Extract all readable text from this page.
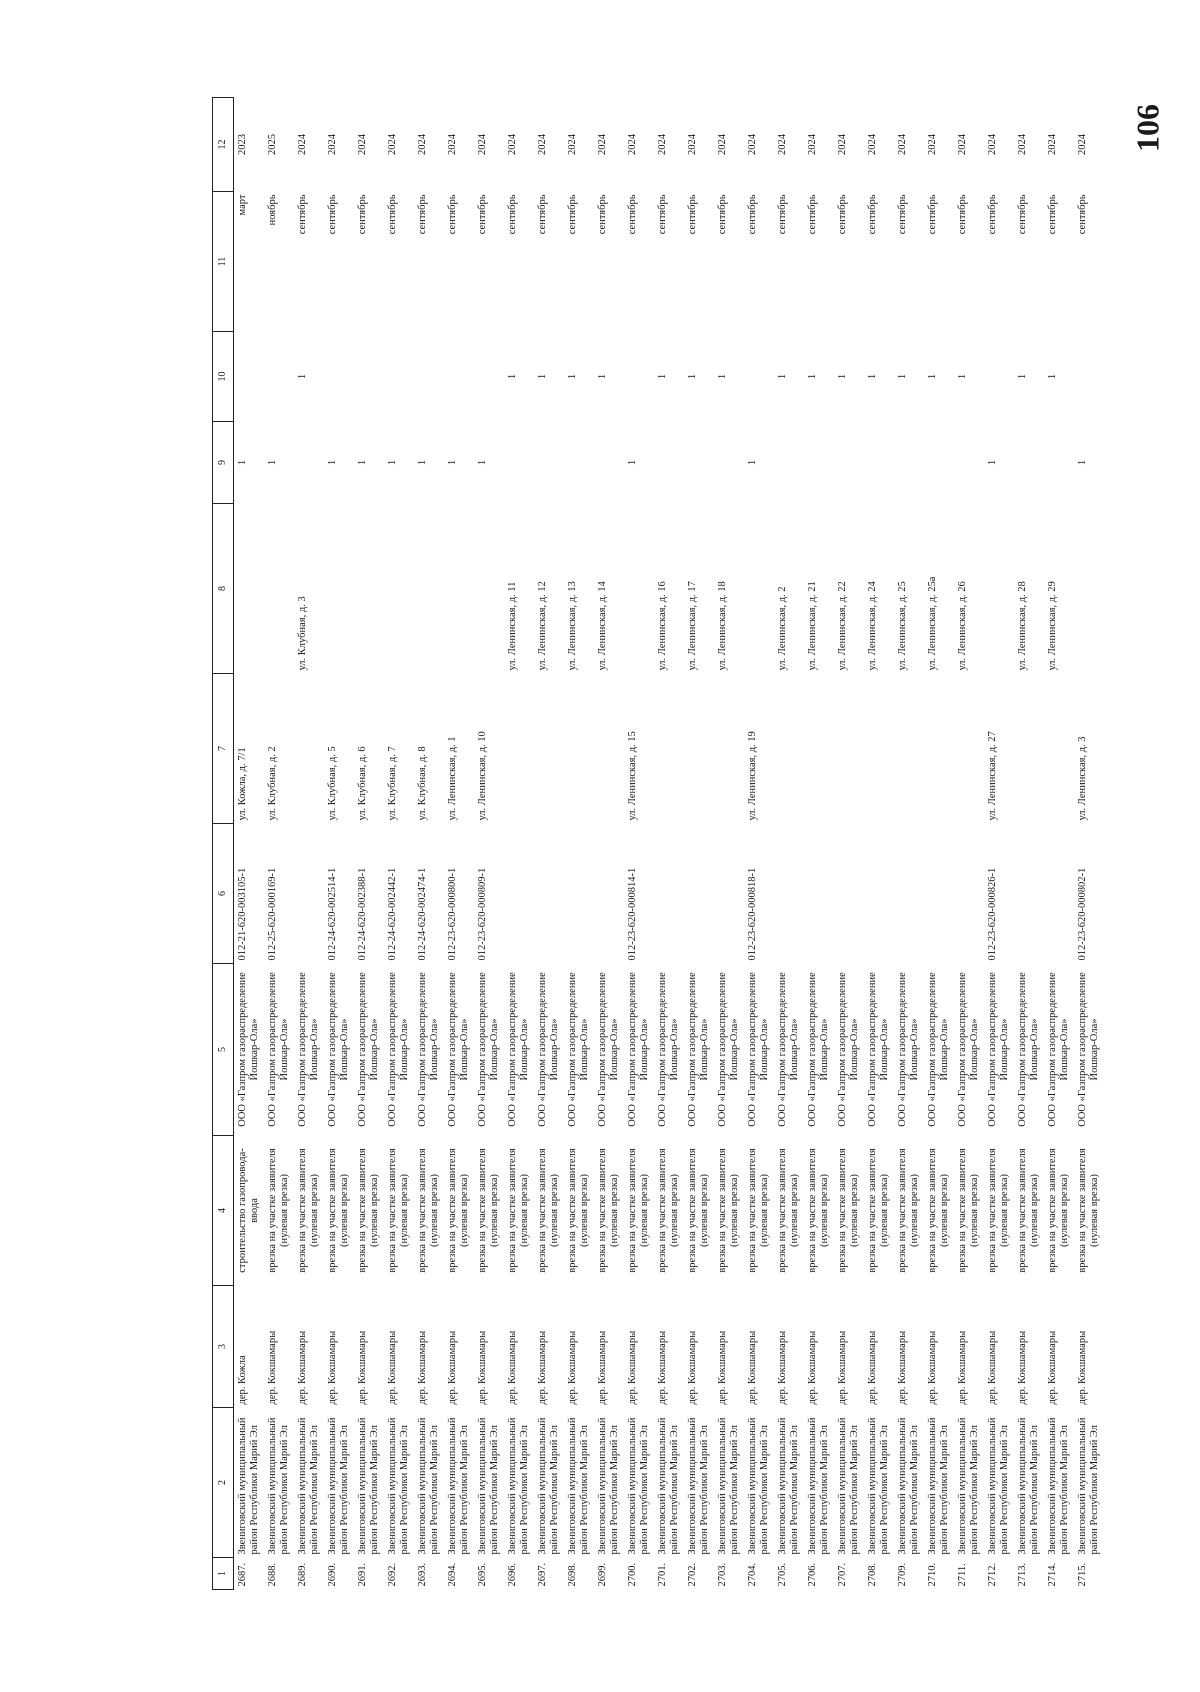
106
1	2	3	4	5	6	7	8	9	10	11	12
2687.	Звениговский муниципальный район Республики Марий Эл	дер. Кожла	строительство газопровода-ввода	ООО «Газпром газораспределение Йошкар-Ола»	012-21-620-003105-1	ул. Кожла, д. 7/1		1		март	2023
2688.	Звениговский муниципальный район Республики Марий Эл	дер. Кокшамары	врезка на участке заявителя (нулевая врезка)	ООО «Газпром газораспределение Йошкар-Ола»	012-25-620-000169-1	ул. Клубная, д. 2		1		ноябрь	2025
2689.	Звениговский муниципальный район Республики Марий Эл	дер. Кокшамары	врезка на участке заявителя (нулевая врезка)	ООО «Газпром газораспределение Йошкар-Ола»			ул. Клубная, д. 3		1	сентябрь	2024
2690.	Звениговский муниципальный район Республики Марий Эл	дер. Кокшамары	врезка на участке заявителя (нулевая врезка)	ООО «Газпром газораспределение Йошкар-Ола»	012-24-620-002514-1	ул. Клубная, д. 5		1		сентябрь	2024
2691.	Звениговский муниципальный район Республики Марий Эл	дер. Кокшамары	врезка на участке заявителя (нулевая врезка)	ООО «Газпром газораспределение Йошкар-Ола»	012-24-620-002388-1	ул. Клубная, д. 6		1		сентябрь	2024
2692.	Звениговский муниципальный район Республики Марий Эл	дер. Кокшамары	врезка на участке заявителя (нулевая врезка)	ООО «Газпром газораспределение Йошкар-Ола»	012-24-620-002442-1	ул. Клубная, д. 7		1		сентябрь	2024
2693.	Звениговский муниципальный район Республики Марий Эл	дер. Кокшамары	врезка на участке заявителя (нулевая врезка)	ООО «Газпром газораспределение Йошкар-Ола»	012-24-620-002474-1	ул. Клубная, д. 8		1		сентябрь	2024
2694.	Звениговский муниципальный район Республики Марий Эл	дер. Кокшамары	врезка на участке заявителя (нулевая врезка)	ООО «Газпром газораспределение Йошкар-Ола»	012-23-620-000800-1	ул. Ленинская, д. 1		1		сентябрь	2024
2695.	Звениговский муниципальный район Республики Марий Эл	дер. Кокшамары	врезка на участке заявителя (нулевая врезка)	ООО «Газпром газораспределение Йошкар-Ола»	012-23-620-000809-1	ул. Ленинская, д. 10		1		сентябрь	2024
2696.	Звениговский муниципальный район Республики Марий Эл	дер. Кокшамары	врезка на участке заявителя (нулевая врезка)	ООО «Газпром газораспределение Йошкар-Ола»			ул. Ленинская, д. 11		1	сентябрь	2024
2697.	Звениговский муниципальный район Республики Марий Эл	дер. Кокшамары	врезка на участке заявителя (нулевая врезка)	ООО «Газпром газораспределение Йошкар-Ола»			ул. Ленинская, д. 12		1	сентябрь	2024
2698.	Звениговский муниципальный район Республики Марий Эл	дер. Кокшамары	врезка на участке заявителя (нулевая врезка)	ООО «Газпром газораспределение Йошкар-Ола»			ул. Ленинская, д. 13		1	сентябрь	2024
2699.	Звениговский муниципальный район Республики Марий Эл	дер. Кокшамары	врезка на участке заявителя (нулевая врезка)	ООО «Газпром газораспределение Йошкар-Ола»			ул. Ленинская, д. 14		1	сентябрь	2024
2700.	Звениговский муниципальный район Республики Марий Эл	дер. Кокшамары	врезка на участке заявителя (нулевая врезка)	ООО «Газпром газораспределение Йошкар-Ола»	012-23-620-000814-1	ул. Ленинская, д. 15		1		сентябрь	2024
2701.	Звениговский муниципальный район Республики Марий Эл	дер. Кокшамары	врезка на участке заявителя (нулевая врезка)	ООО «Газпром газораспределение Йошкар-Ола»			ул. Ленинская, д. 16		1	сентябрь	2024
2702.	Звениговский муниципальный район Республики Марий Эл	дер. Кокшамары	врезка на участке заявителя (нулевая врезка)	ООО «Газпром газораспределение Йошкар-Ола»			ул. Ленинская, д. 17		1	сентябрь	2024
2703.	Звениговский муниципальный район Республики Марий Эл	дер. Кокшамары	врезка на участке заявителя (нулевая врезка)	ООО «Газпром газораспределение Йошкар-Ола»			ул. Ленинская, д. 18		1	сентябрь	2024
2704.	Звениговский муниципальный район Республики Марий Эл	дер. Кокшамары	врезка на участке заявителя (нулевая врезка)	ООО «Газпром газораспределение Йошкар-Ола»	012-23-620-000818-1	ул. Ленинская, д. 19		1		сентябрь	2024
2705.	Звениговский муниципальный район Республики Марий Эл	дер. Кокшамары	врезка на участке заявителя (нулевая врезка)	ООО «Газпром газораспределение Йошкар-Ола»			ул. Ленинская, д. 2		1	сентябрь	2024
2706.	Звениговский муниципальный район Республики Марий Эл	дер. Кокшамары	врезка на участке заявителя (нулевая врезка)	ООО «Газпром газораспределение Йошкар-Ола»			ул. Ленинская, д. 21		1	сентябрь	2024
2707.	Звениговский муниципальный район Республики Марий Эл	дер. Кокшамары	врезка на участке заявителя (нулевая врезка)	ООО «Газпром газораспределение Йошкар-Ола»			ул. Ленинская, д. 22		1	сентябрь	2024
2708.	Звениговский муниципальный район Республики Марий Эл	дер. Кокшамары	врезка на участке заявителя (нулевая врезка)	ООО «Газпром газораспределение Йошкар-Ола»			ул. Ленинская, д. 24		1	сентябрь	2024
2709.	Звениговский муниципальный район Республики Марий Эл	дер. Кокшамары	врезка на участке заявителя (нулевая врезка)	ООО «Газпром газораспределение Йошкар-Ола»			ул. Ленинская, д. 25		1	сентябрь	2024
2710.	Звениговский муниципальный район Республики Марий Эл	дер. Кокшамары	врезка на участке заявителя (нулевая врезка)	ООО «Газпром газораспределение Йошкар-Ола»			ул. Ленинская, д. 25а		1	сентябрь	2024
2711.	Звениговский муниципальный район Республики Марий Эл	дер. Кокшамары	врезка на участке заявителя (нулевая врезка)	ООО «Газпром газораспределение Йошкар-Ола»			ул. Ленинская, д. 26		1	сентябрь	2024
2712.	Звениговский муниципальный район Республики Марий Эл	дер. Кокшамары	врезка на участке заявителя (нулевая врезка)	ООО «Газпром газораспределение Йошкар-Ола»	012-23-620-000826-1	ул. Ленинская, д. 27		1		сентябрь	2024
2713.	Звениговский муниципальный район Республики Марий Эл	дер. Кокшамары	врезка на участке заявителя (нулевая врезка)	ООО «Газпром газораспределение Йошкар-Ола»			ул. Ленинская, д. 28		1	сентябрь	2024
2714.	Звениговский муниципальный район Республики Марий Эл	дер. Кокшамары	врезка на участке заявителя (нулевая врезка)	ООО «Газпром газораспределение Йошкар-Ола»			ул. Ленинская, д. 29		1	сентябрь	2024
2715.	Звениговский муниципальный район Республики Марий Эл	дер. Кокшамары	врезка на участке заявителя (нулевая врезка)	ООО «Газпром газораспределение Йошкар-Ола»	012-23-620-000802-1	ул. Ленинская, д. 3		1		сентябрь	2024
